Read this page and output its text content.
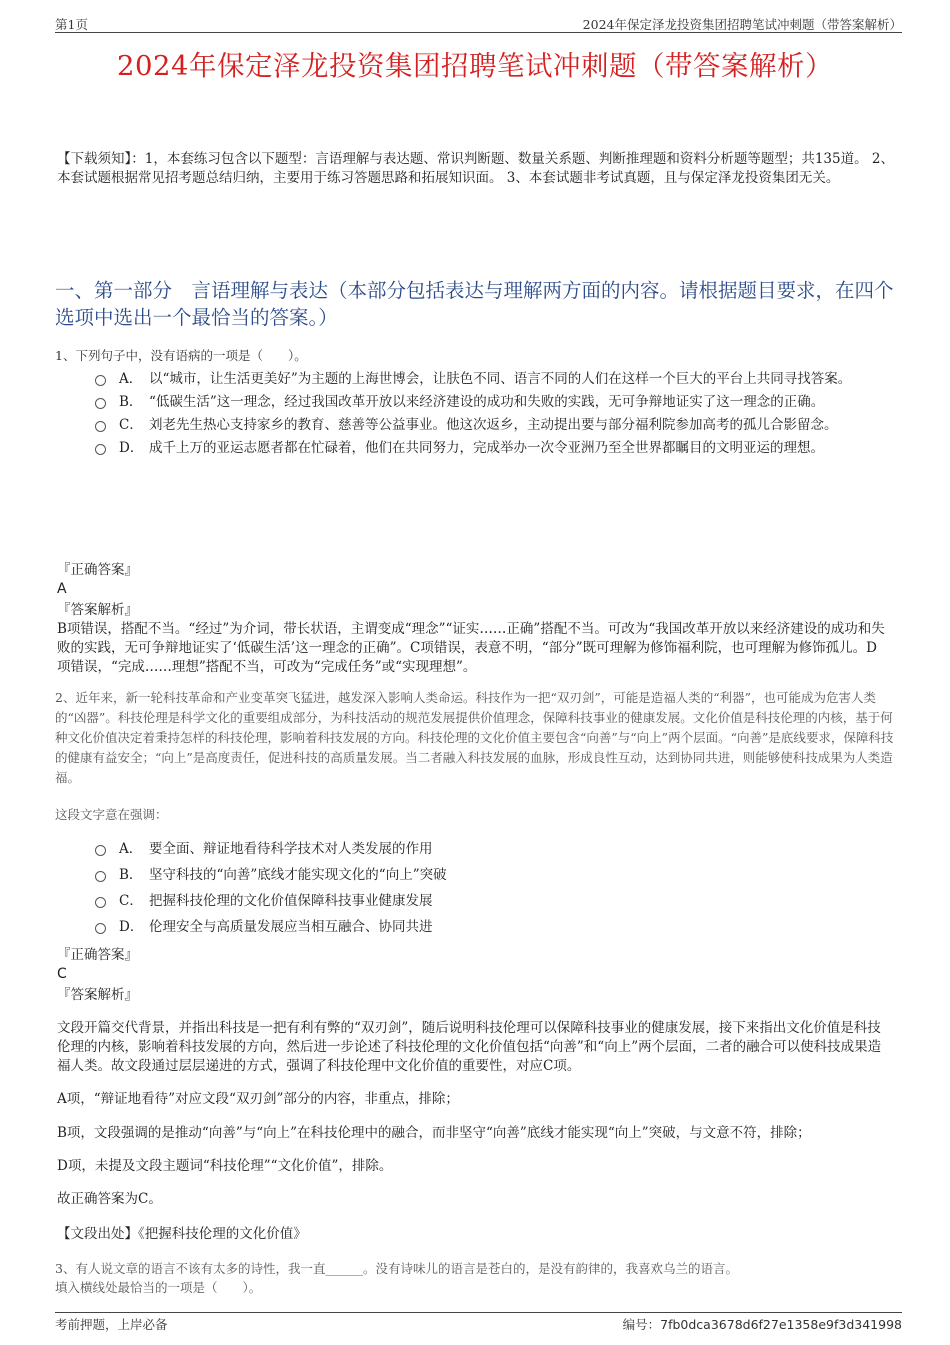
第1页	2024年保定泽龙投资集团招聘笔试冲刺题（带答案解析）
2024年保定泽龙投资集团招聘笔试冲刺题（带答案解析）
【下载须知】：1，本套练习包含以下题型：言语理解与表达题、常识判断题、数量关系题、判断推理题和资料分析题等题型；共135道。 2、本套试题根据常见招考题总结归纳，主要用于练习答题思路和拓展知识面。 3、本套试题非考试真题，且与保定泽龙投资集团无关。
一、第一部分　言语理解与表达（本部分包括表达与理解两方面的内容。请根据题目要求，在四个选项中选出一个最恰当的答案。）
1、下列句子中，没有语病的一项是（　　）。
A． 以“城市，让生活更美好”为主题的上海世博会，让肤色不同、语言不同的人们在这样一个巨大的平台上共同寻找答案。
B． “低碳生活”这一理念，经过我国改革开放以来经济建设的成功和失败的实践，无可争辩地证实了这一理念的正确。
C． 刘老先生热心支持家乡的教育、慈善等公益事业。他这次返乡，主动提出要与部分福利院参加高考的孤儿合影留念。
D． 成千上万的亚运志愿者都在忙碌着，他们在共同努力，完成举办一次令亚洲乃至全世界都瞩目的文明亚运的理想。
『正确答案』
A
『答案解析』
B项错误，搭配不当。“经过”为介词，带长状语，主谓变成“理念”“证实……正确”搭配不当。可改为“我国改革开放以来经济建设的成功和失败的实践，无可争辩地证实了‘低碳生活’这一理念的正确”。C项错误，表意不明，“部分”既可理解为修饰福利院，也可理解为修饰孤儿。D项错误，“完成……理想”搭配不当，可改为“完成任务”或“实现理想”。
2、近年来，新一轮科技革命和产业变革突飞猛进，越发深入影响人类命运。科技作为一把“双刃剑”，可能是造福人类的“利器”，也可能成为危害人类的“凶器”。科技伦理是科学文化的重要组成部分，为科技活动的规范发展提供价值理念，保障科技事业的健康发展。文化价值是科技伦理的内核，基于何种文化价值决定着秉持怎样的科技伦理，影响着科技发展的方向。科技伦理的文化价值主要包含“向善”与“向上”两个层面。“向善”是底线要求，保障科技的健康有益安全；“向上”是高度责任，促进科技的高质量发展。当二者融入科技发展的血脉，形成良性互动，达到协同共进，则能够使科技成果为人类造福。
这段文字意在强调：
A． 要全面、辩证地看待科学技术对人类发展的作用
B． 坚守科技的“向善”底线才能实现文化的“向上”突破
C． 把握科技伦理的文化价值保障科技事业健康发展
D． 伦理安全与高质量发展应当相互融合、协同共进
『正确答案』
C
『答案解析』
文段开篇交代背景，并指出科技是一把有利有弊的“双刃剑”，随后说明科技伦理可以保障科技事业的健康发展，接下来指出文化价值是科技伦理的内核，影响着科技发展的方向，然后进一步论述了科技伦理的文化价值包括“向善”和“向上”两个层面，二者的融合可以使科技成果造福人类。故文段通过层层递进的方式，强调了科技伦理中文化价值的重要性，对应C项。
A项，“辩证地看待”对应文段“双刃剑”部分的内容，非重点，排除；
B项，文段强调的是推动“向善”与“向上”在科技伦理中的融合，而非坚守“向善”底线才能实现“向上”突破，与文意不符，排除；
D项，未提及文段主题词“科技伦理”“文化价值”，排除。
故正确答案为C。
【文段出处】《把握科技伦理的文化价值》
3、有人说文章的语言不该有太多的诗性，我一直______。没有诗味儿的语言是苍白的，是没有韵律的，我喜欢乌兰的语言。
填入横线处最恰当的一项是（　　）。
考前押题，上岸必备	编号：7fb0dca3678d6f27e1358e9f3d341998
